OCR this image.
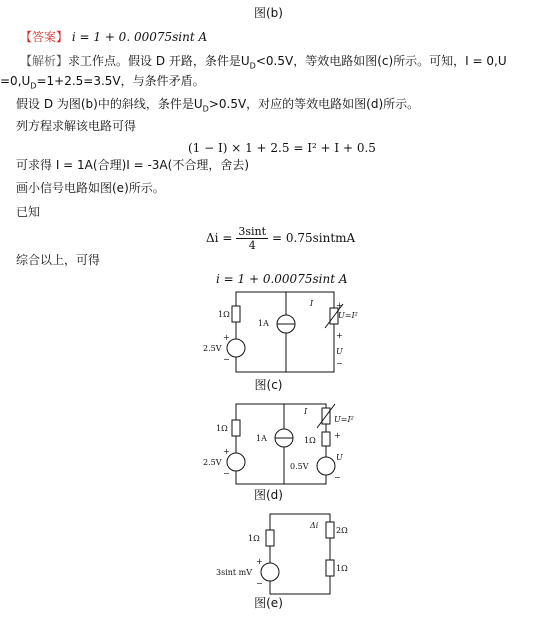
图(b)
【答案】 i = 1 + 0. 00075sint A
【解析】求工作点。假设 D 开路，条件是$U_D<0.5V$，等效电路如图(c)所示。可知，I = 0,U
$=0,U_D=1+2.5=3.5V$，与条件矛盾。
假设 D 为图(b)中的斜线，条件是$U_D>0.5V$，对应的等效电路如图(d)所示。
列方程求解该电路可得
(1 − I) × 1 + 2.5 = I² + I + 0.5
可求得 I = 1A(合理)I = -3A(不合理，舍去)
画小信号电路如图(e)所示。
已知
$\Delta i = \frac{3\sin t}{4}$ = 0.75sintmA
综合以上，可得
i = 1 + 0.00075sint A
1Ω
2.5V
+
−
1A
I
U=I²
+
+
U
−
图(c)
1Ω
2.5V
+
−
1A
I
U=I²
1Ω
0.5V
+
U
−
图(d)
1Ω
3sint mV
+
−
2Ω
Δi
1Ω
图(e)
